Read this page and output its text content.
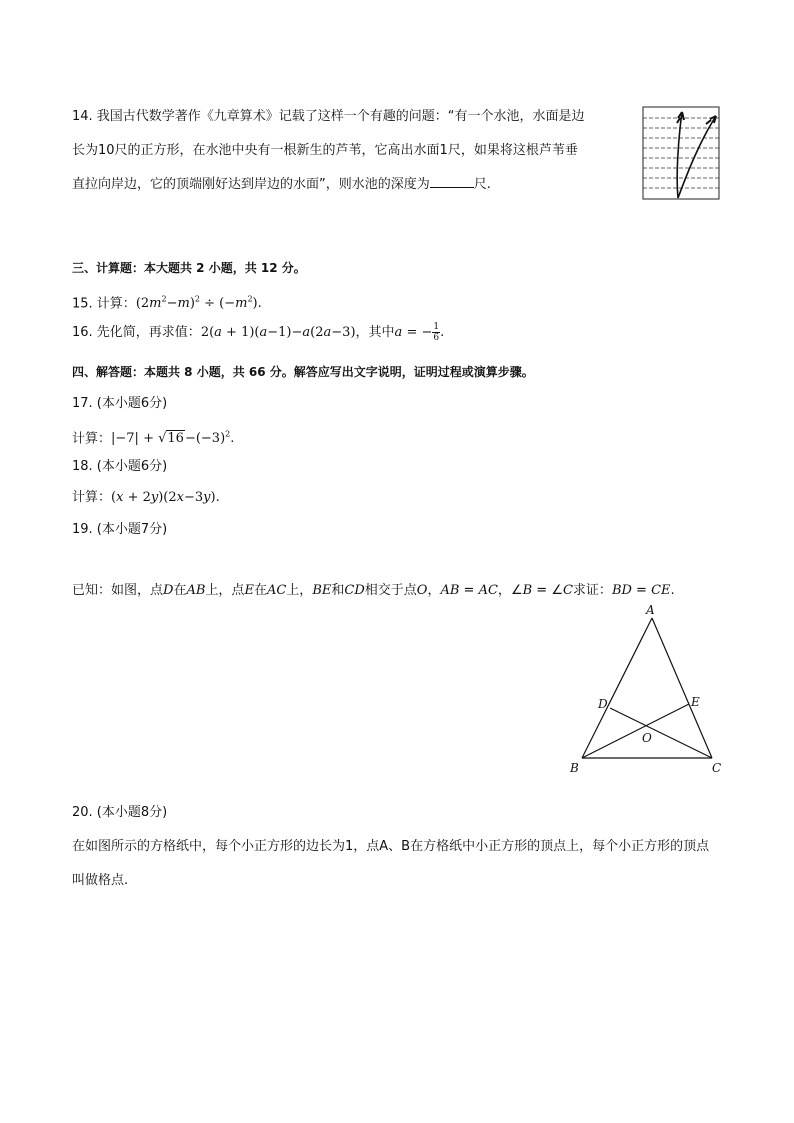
14. 我国古代数学著作《九章算术》记载了这样一个有趣的问题：“有一个水池，水面是边
长为10尺的正方形，在水池中央有一根新生的芦苇，它高出水面1尺，如果将这根芦苇垂
直拉向岸边，它的顶端刚好达到岸边的水面”，则水池的深度为	尺.
三、计算题：本大题共 2 小题，共 12 分。
15. 计算：$(2m^2-m)^2 \div (-m^2)$.
16. 先化简，再求值：2(a + 1)(a−1)−a(2a−3)，其中a = − $\frac{1}{6}$ .
四、解答题：本题共 8 小题，共 66 分。解答应写出文字说明，证明过程或演算步骤。
17. (本小题6分)
计算：$|-7| + √16-(-3)^2$.
18. (本小题6分)
计算：(x + 2y)(2x−3y).
19. (本小题7分)
已知：如图，点D在AB上，点E在AC上，BE和CD相交于点O，AB = AC，∠B = ∠C求证：BD = CE.
A
B	C
D	E
O
20. (本小题8分)
在如图所示的方格纸中，每个小正方形的边长为1，点A、B在方格纸中小正方形的顶点上，每个小正方形的顶点叫做格点.
